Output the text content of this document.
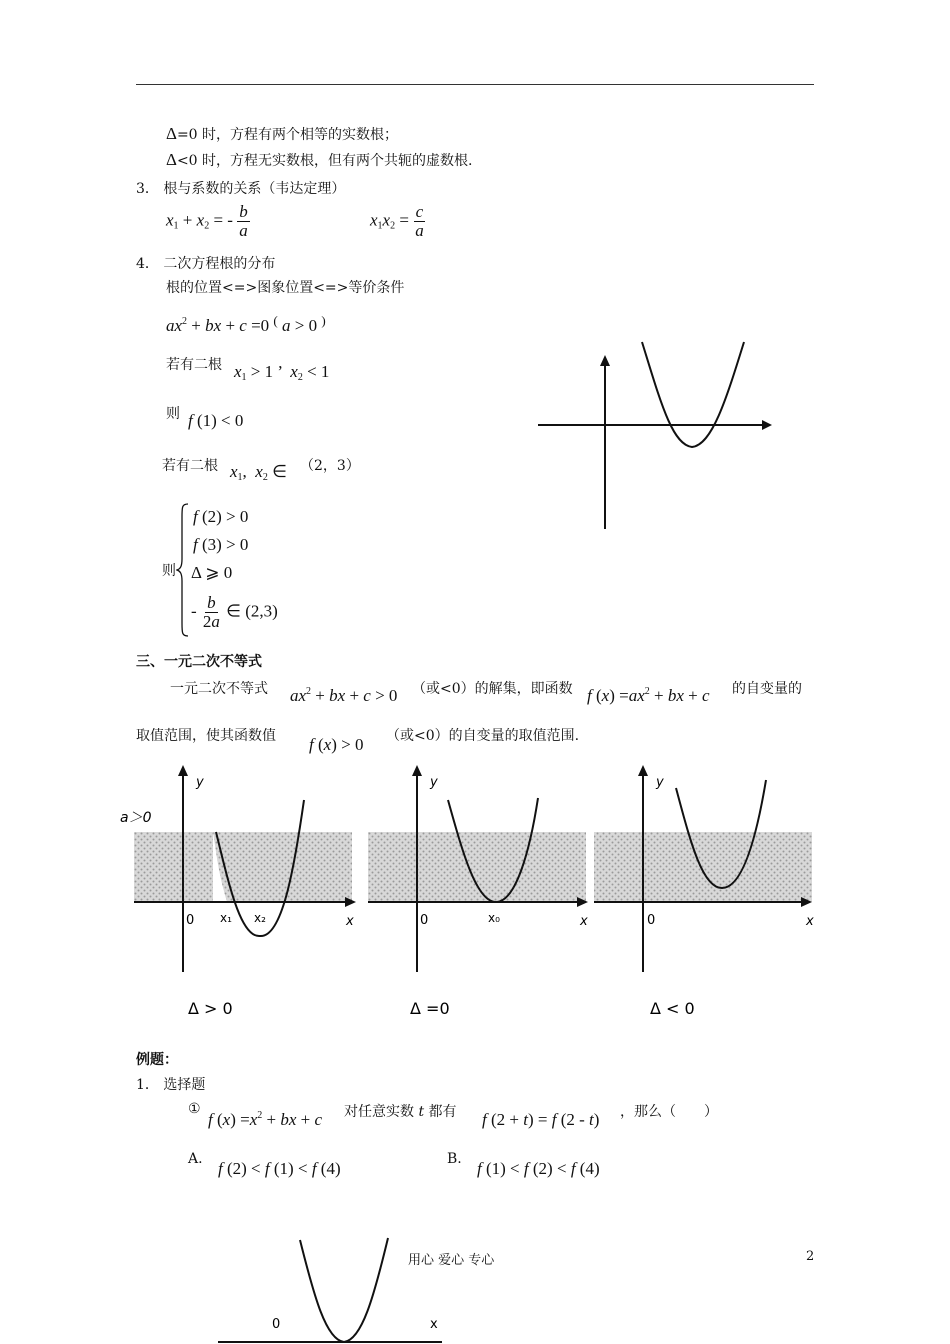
Δ=0 时，方程有两个相等的实数根；
Δ<0 时，方程无实数根，但有两个共轭的虚数根.
3． 根与系数的关系（韦达定理）
$x_1 + x_2$ = - $\frac{b}{a}$	$x_1x_2 = \frac{c}{a}$
4． 二次方程根的分布
根的位置<=>图象位置<=>等价条件
$ax^2$ + bx + c =0 ( a > 0 )
若有二根 $x_1 > 1$ ’  $x_2 < 1$
则 f (1) < 0
若有二根 $x_1$,  $x_2$ ∈ （2，3）
则
f (2) > 0
f (3) > 0
Δ ⩾ 0
- $\frac{b}{2a}$ ∈ (2,3)
三、一元二次不等式
一元二次不等式 $ax^2$ + bx + c > 0 （或<0）的解集，即函数 f $(x) =ax^2$ + bx + c 的自变量的
取值范围，使其函数值 f (x) > 0 （或<0）的自变量的取值范围.
a＞0
y
0 x₁ x₂	x
y
0	x₀	x
y
0	x
Δ > 0	Δ =0	Δ < 0
例题：
1． 选择题
①
f $(x) =x^2$ + bx + c 对任意实数 t 都有 f (2 + t) = f (2 - t) ，那么（　　）
A. f (2) < f (1) < f (4)	B. f (1) < f (2) < f (4)
0	x
用心 爱心 专心	2
